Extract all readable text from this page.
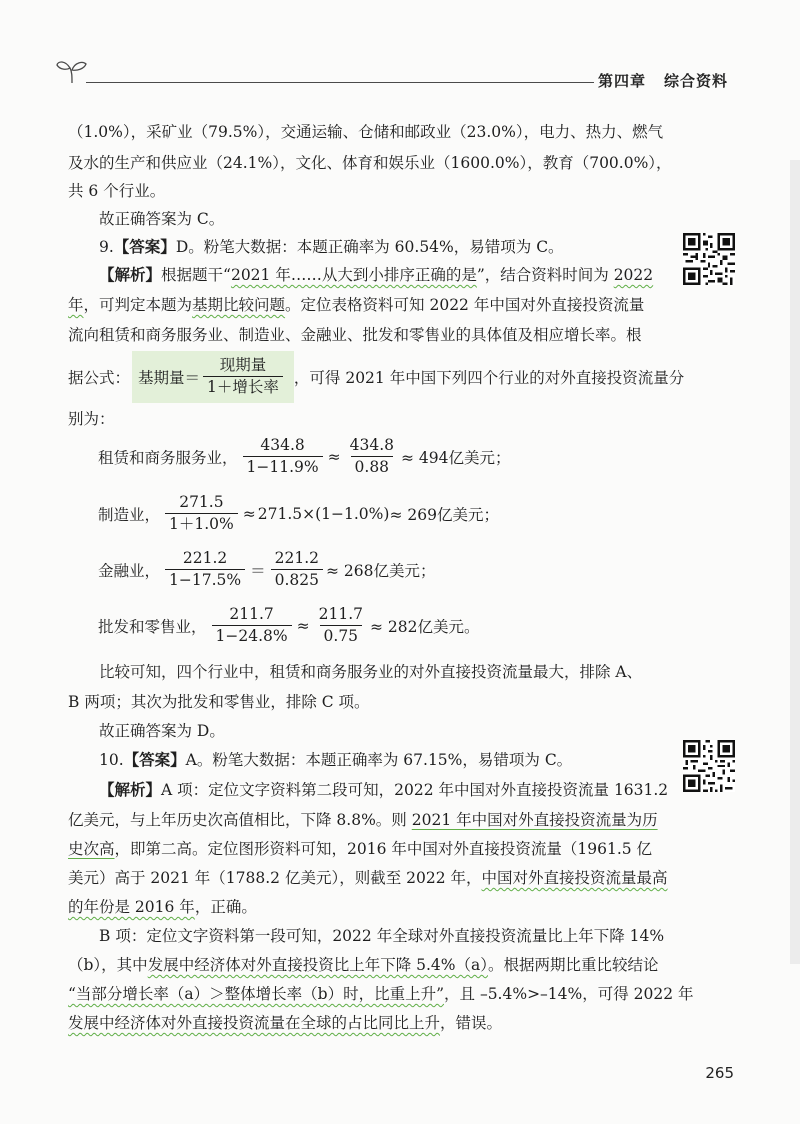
第四章 综合资料
（1.0%），采矿业（79.5%），交通运输、仓储和邮政业（23.0%），电力、热力、燃气
及水的生产和供应业（24.1%），文化、体育和娱乐业（1600.0%），教育（700.0%），
共 6 个行业。
故正确答案为 C。
9.【答案】D。粉笔大数据：本题正确率为 60.54%，易错项为 C。
【解析】根据题干“2021 年……从大到小排序正确的是”，结合资料时间为 2022
年，可判定本题为基期比较问题。定位表格资料可知 2022 年中国对外直接投资流量
流向租赁和商务服务业、制造业、金融业、批发和零售业的具体值及相应增长率。根
据公式： 基期量＝ $\frac{\text{现期量}}{\text{1＋增长率}}$ ，可得 2021 年中国下列四个行业的对外直接投资流量分
别为：
租赁和商务服务业， $\frac{434.8}{1-11.9\%} \approx \frac{434.8}{0.88} \approx 494$亿美元；
制造业， $\frac{271.5}{1+1.0\%} \approx 271.5\times(1-1.0\%) \approx 269$亿美元；
金融业， $\frac{221.2}{1-17.5\%} = \frac{221.2}{0.825} \approx 268$亿美元；
批发和零售业， $\frac{211.7}{1-24.8\%} \approx \frac{211.7}{0.75} \approx 282$亿美元。
比较可知，四个行业中，租赁和商务服务业的对外直接投资流量最大，排除 A、
B 两项；其次为批发和零售业，排除 C 项。
故正确答案为 D。
10.【答案】A。粉笔大数据：本题正确率为 67.15%，易错项为 C。
【解析】A 项：定位文字资料第二段可知，2022 年中国对外直接投资流量 1631.2
亿美元，与上年历史次高值相比，下降 8.8%。则 2021 年中国对外直接投资流量为历
史次高，即第二高。定位图形资料可知，2016 年中国对外直接投资流量（1961.5 亿
美元）高于 2021 年（1788.2 亿美元），则截至 2022 年，中国对外直接投资流量最高
的年份是 2016 年，正确。
B 项：定位文字资料第一段可知，2022 年全球对外直接投资流量比上年下降 14%
（b），其中发展中经济体对外直接投资比上年下降 5.4%（a）。根据两期比重比较结论
“当部分增长率（a）＞整体增长率（b）时，比重上升”，且 –5.4%>–14%，可得 2022 年
发展中经济体对外直接投资流量在全球的占比同比上升，错误。
265
